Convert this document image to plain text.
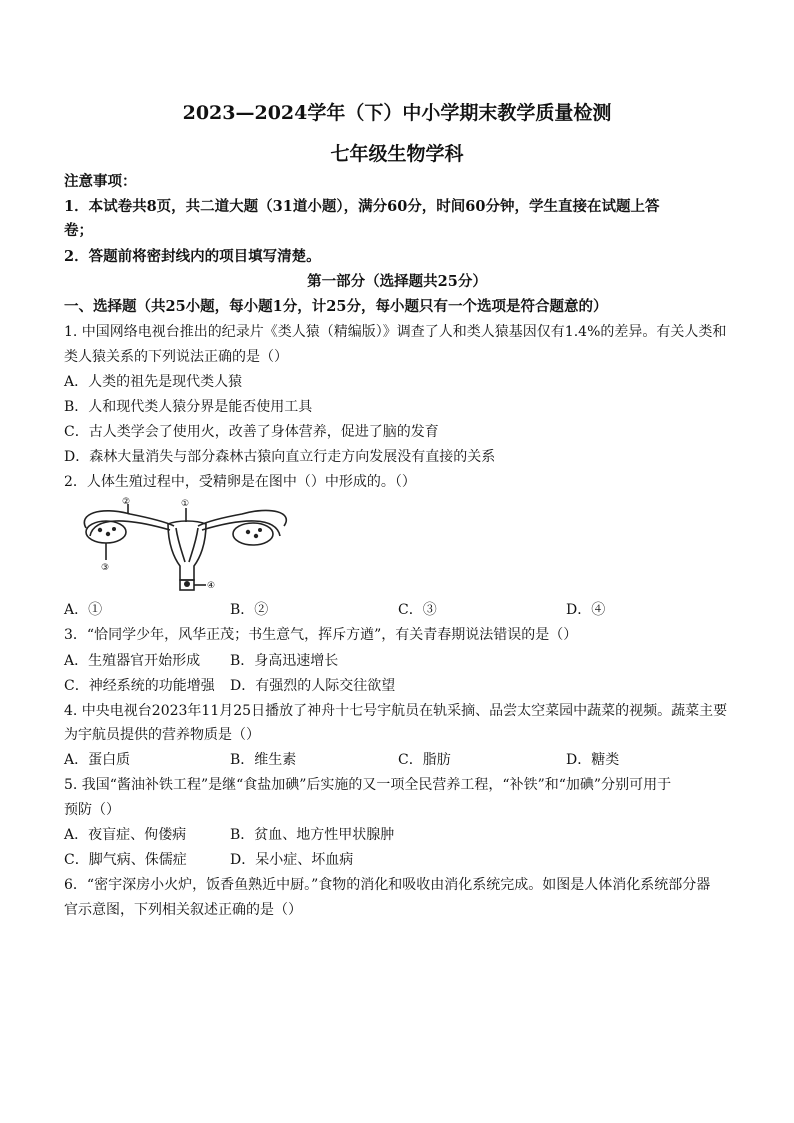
2023—2024学年（下）中小学期末教学质量检测
七年级生物学科
注意事项：
1．本试卷共8页，共二道大题（31道小题），满分60分，时间60分钟，学生直接在试题上答
卷；
2．答题前将密封线内的项目填写清楚。
第一部分（选择题共25分）
一、选择题（共25小题，每小题1分，计25分，每小题只有一个选项是符合题意的）
1. 中国网络电视台推出的纪录片《类人猿（精编版）》调查了人和类人猿基因仅有1.4%的差异。有关人类和
类人猿关系的下列说法正确的是（）
A．人类的祖先是现代类人猿
B．人和现代类人猿分界是能否使用工具
C．古人类学会了使用火，改善了身体营养，促进了脑的发育
D．森林大量消失与部分森林古猿向直立行走方向发展没有直接的关系
2．人体生殖过程中，受精卵是在图中（）中形成的。（）
①
②
③
④
A．①	B．②	C．③	D．④
3．“恰同学少年，风华正茂；书生意气，挥斥方遒”，有关青春期说法错误的是（）
A．生殖器官开始形成 B．身高迅速增长
C．神经系统的功能增强 D．有强烈的人际交往欲望
4. 中央电视台2023年11月25日播放了神舟十七号宇航员在轨采摘、品尝太空菜园中蔬菜的视频。蔬菜主要
为宇航员提供的营养物质是（）
A．蛋白质	B．维生素	C．脂肪	D．糖类
5. 我国“酱油补铁工程”是继“食盐加碘”后实施的又一项全民营养工程，“补铁”和“加碘”分别可用于
预防（）
A．夜盲症、佝偻病	B．贫血、地方性甲状腺肿
C．脚气病、侏儒症	D．呆小症、坏血病
6．“密宇深房小火炉，饭香鱼熟近中厨。”食物的消化和吸收由消化系统完成。如图是人体消化系统部分器
官示意图，下列相关叙述正确的是（）
